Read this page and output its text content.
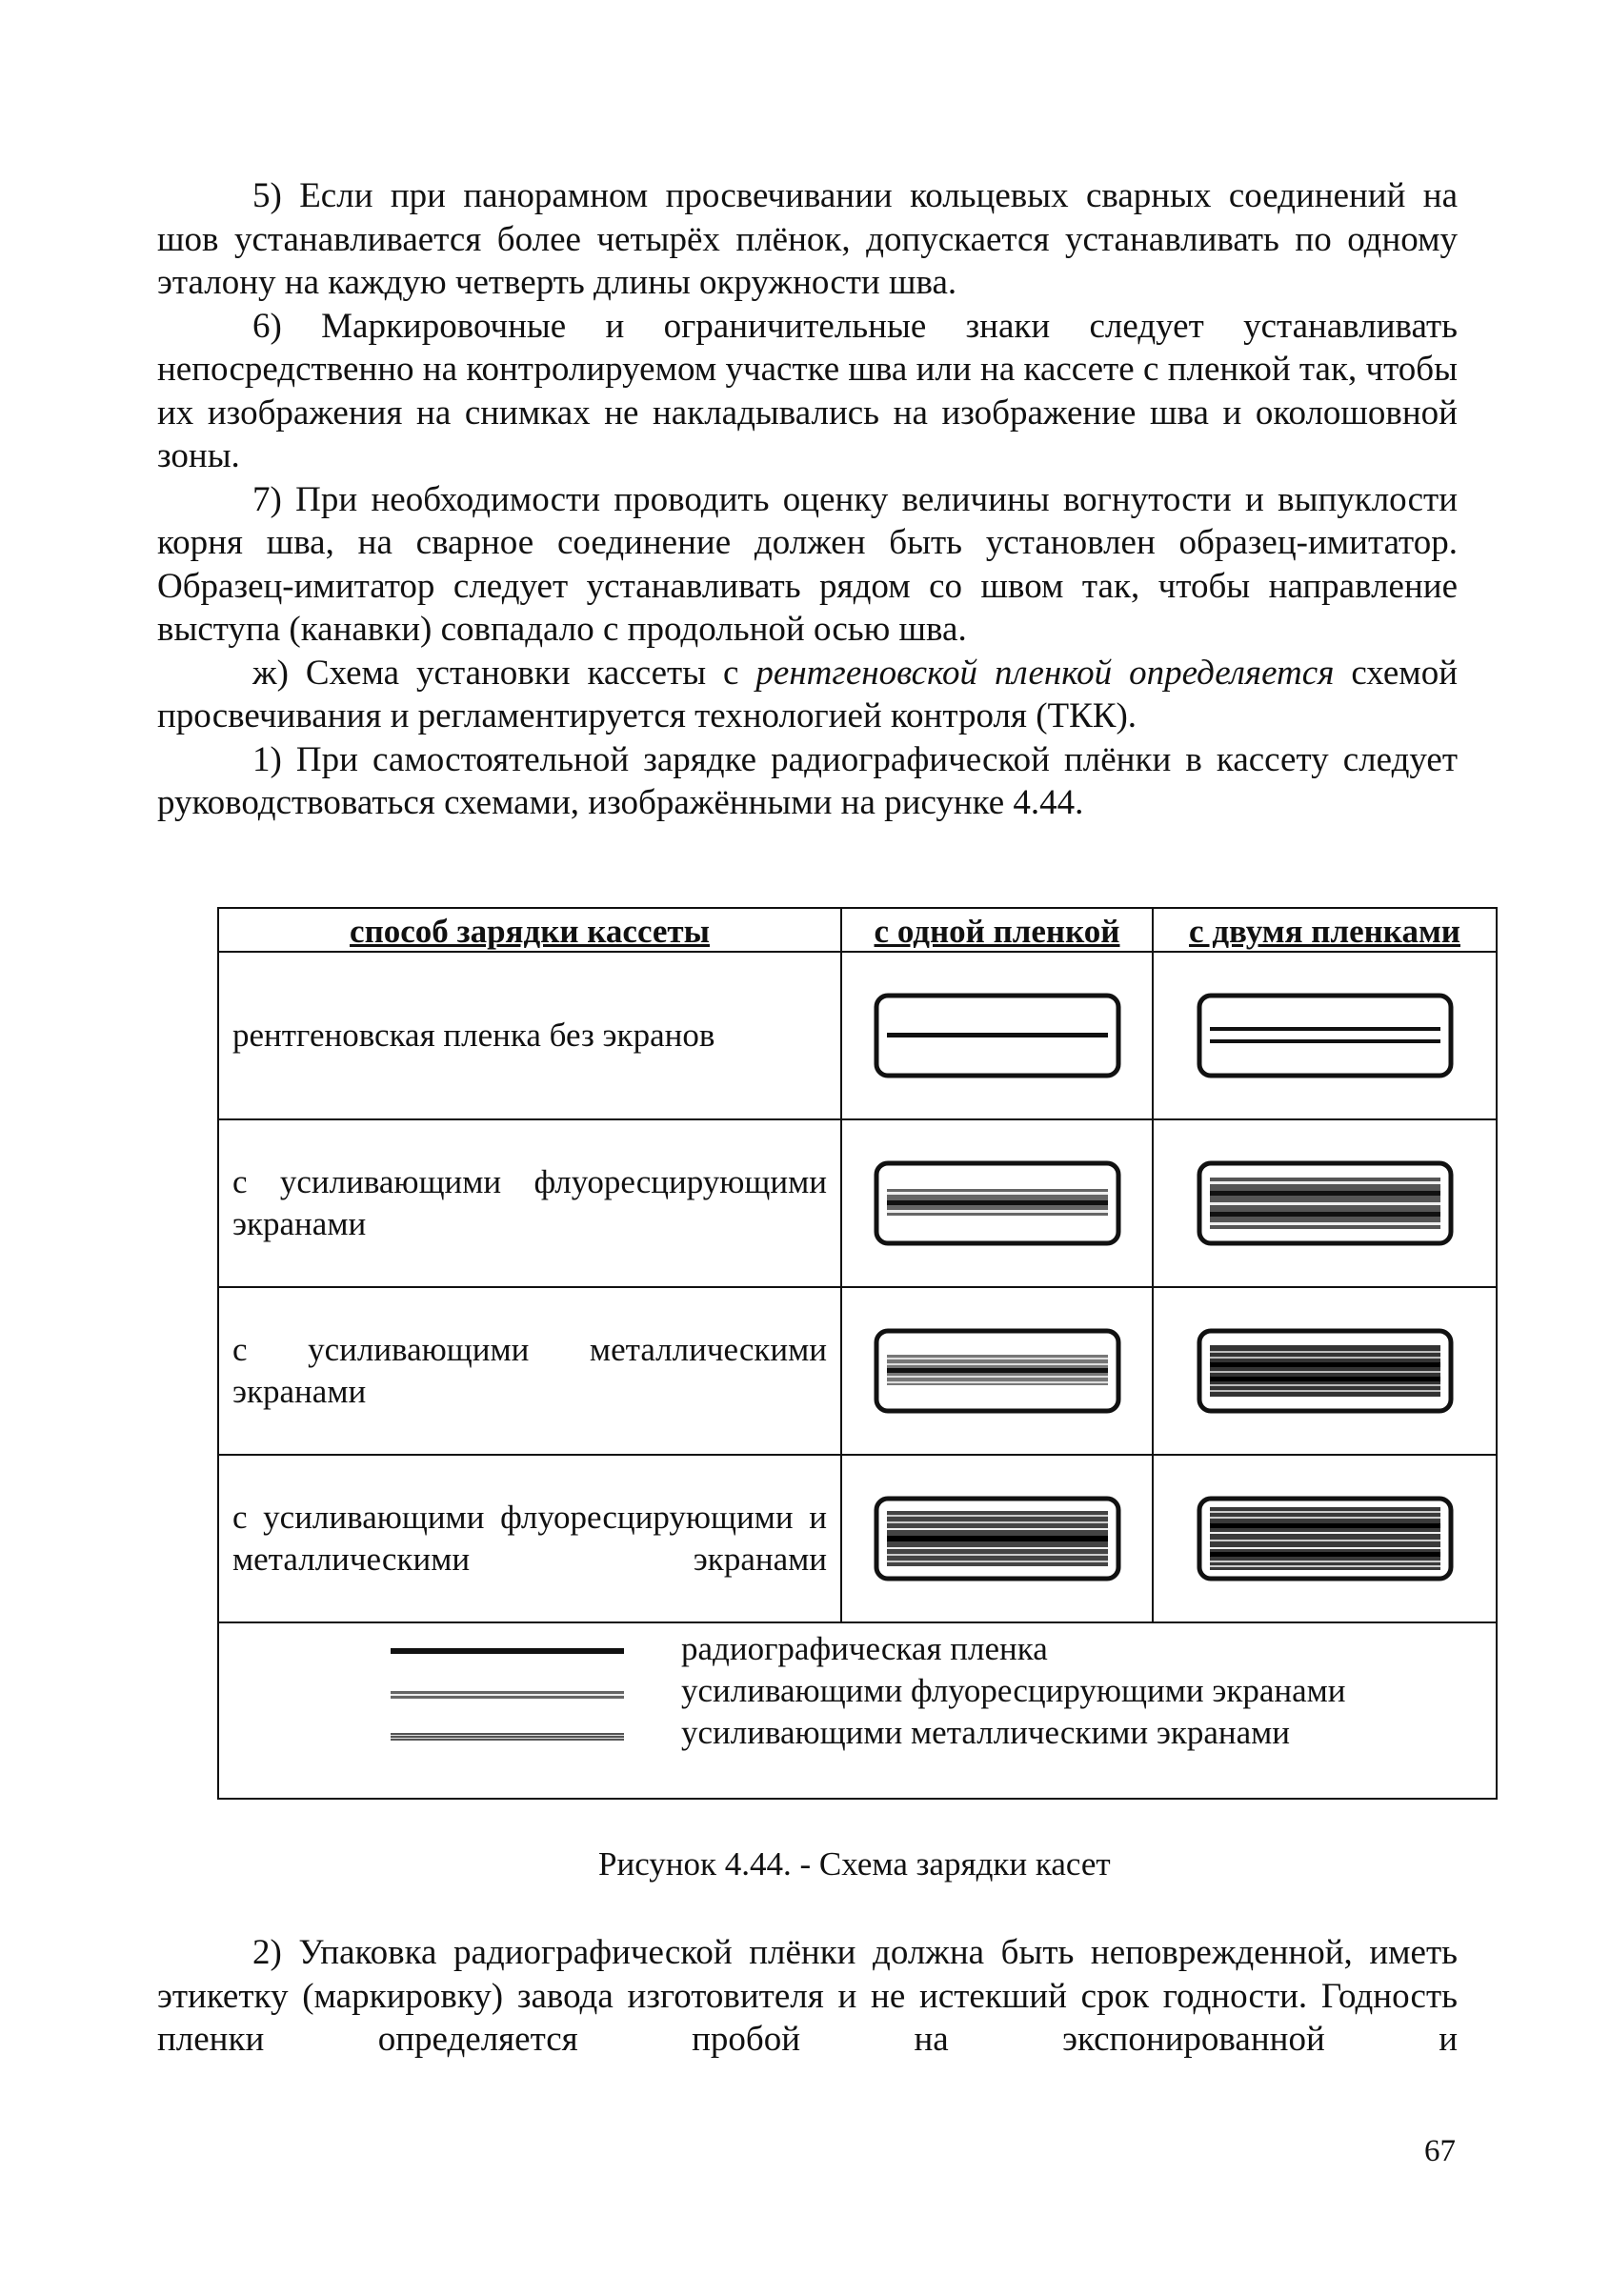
5) Если при панорамном просвечивании кольцевых сварных соединений на шов устанавливается более четырёх плёнок, допускается устанавливать по одному эталону на каждую четверть длины окружности шва.

6) Маркировочные и ограничительные знаки следует устанавливать непосредственно на контролируемом участке шва или на кассете с пленкой так, чтобы их изображения на снимках не накладывались на изображение шва и околошовной зоны.

7) При необходимости проводить оценку величины вогнутости и выпуклости корня шва, на сварное соединение должен быть установлен образец-имитатор. Образец-имитатор следует устанавливать рядом со швом так, чтобы направление выступа (канавки) совпадало с продольной осью шва.

ж) Схема установки кассеты с рентгеновской пленкой определяется схемой просвечивания и регламентируется технологией контроля (ТКК).

1) При самостоятельной зарядке радиографической плёнки в кассету следует руководствоваться схемами, изображёнными на рисунке 4.44.

способ зарядки кассеты	с одной пленкой	с двумя пленками
рентгеновская пленка без экранов	

с усиливающими флуоресцирующими экранами	

с усиливающими металлическими экранами	

с усиливающими флуоресцирующими и металлическими экранами	

радиографическая пленка
усиливающими флуоресцирующими экранами
усиливающими металлическими экранами		
Рисунок 4.44. - Схема зарядки касет

2) Упаковка радиографической плёнки должна быть неповрежденной, иметь этикетку (маркировку) завода изготовителя и не истекший срок годности. Годность пленки определяется пробой на экспонированной и

67
